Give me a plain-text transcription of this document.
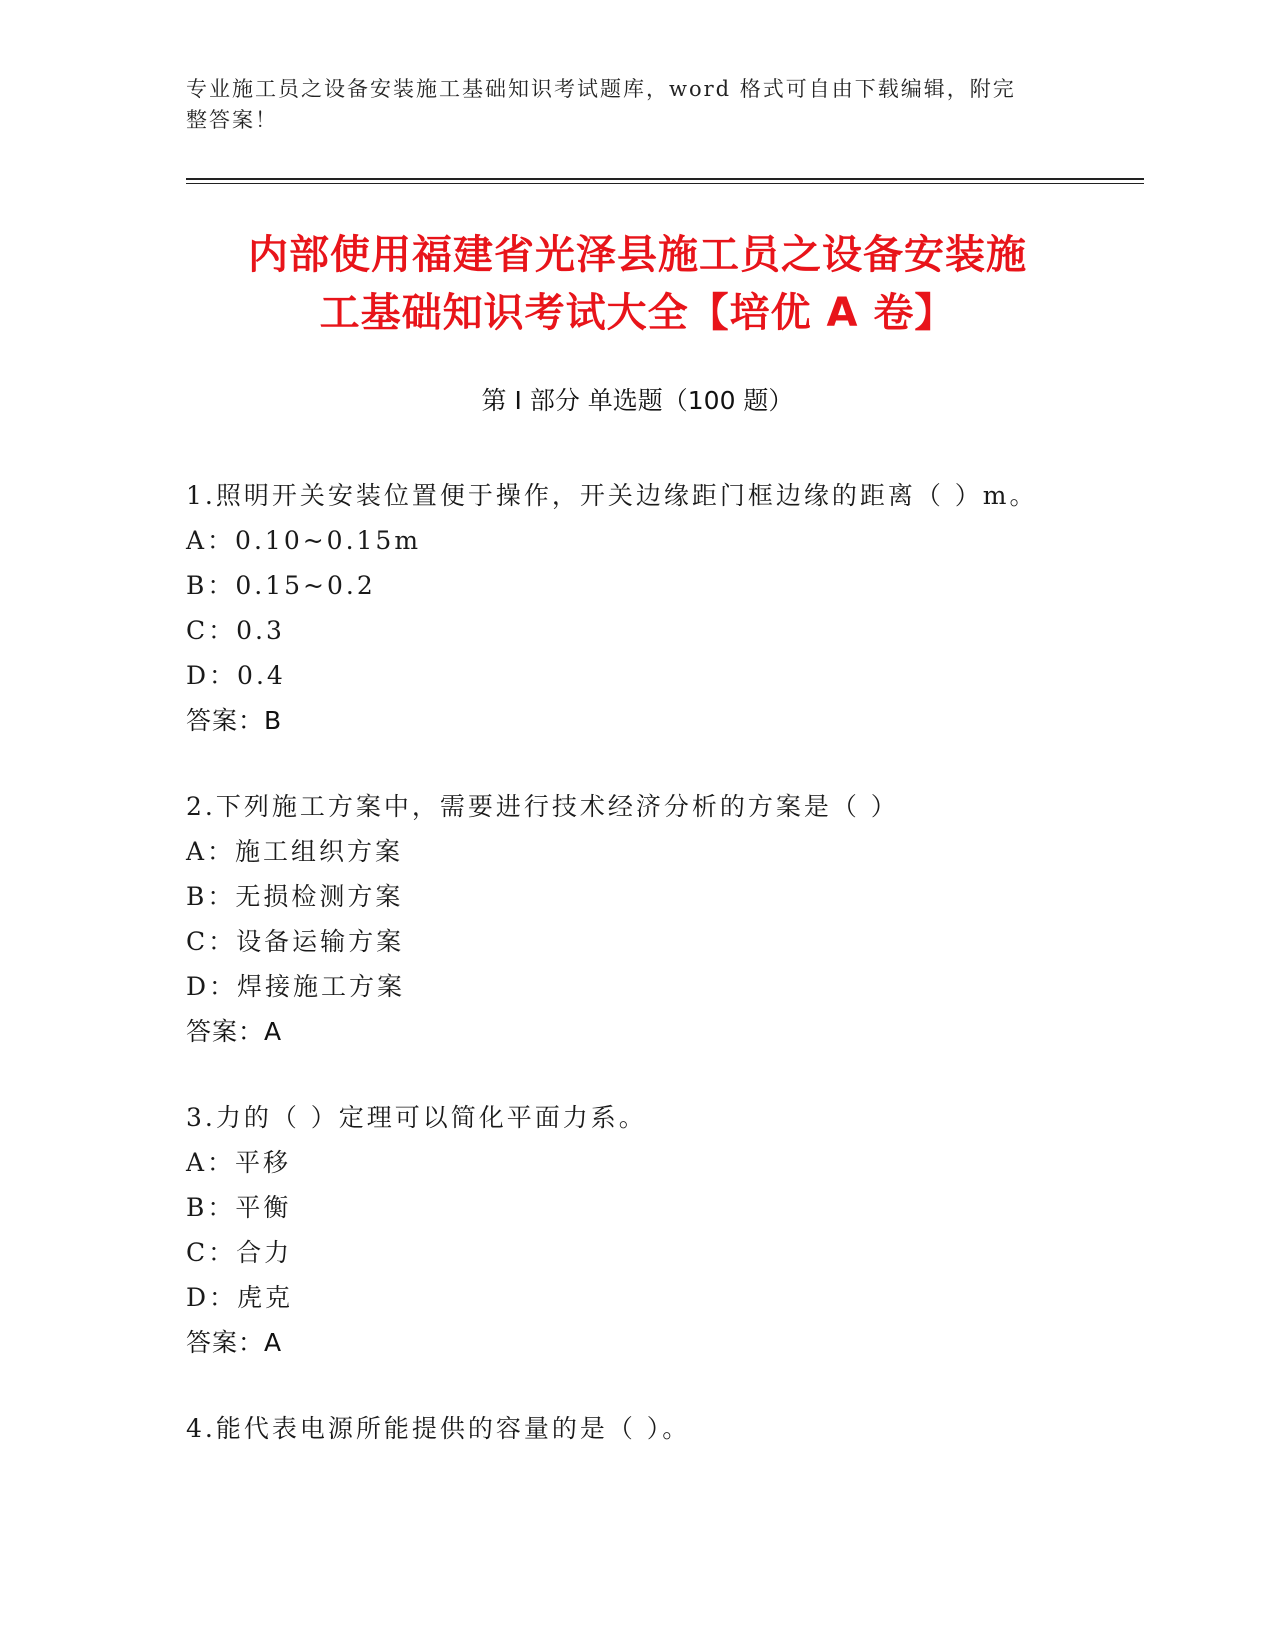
专业施工员之设备安装施工基础知识考试题库，word 格式可自由下载编辑，附完
整答案！
内部使用福建省光泽县施工员之设备安装施
工基础知识考试大全【培优 A 卷】
第 I 部分 单选题（100 题）
1.照明开关安装位置便于操作，开关边缘距门框边缘的距离（ ）m。
A：0.10~0.15m
B：0.15~0.2
C：0.3
D：0.4
答案：B
2.下列施工方案中，需要进行技术经济分析的方案是（ ）
A：施工组织方案
B：无损检测方案
C：设备运输方案
D：焊接施工方案
答案：A
3.力的（ ）定理可以简化平面力系。
A：平移
B：平衡
C：合力
D：虎克
答案：A
4.能代表电源所能提供的容量的是（ ）。
